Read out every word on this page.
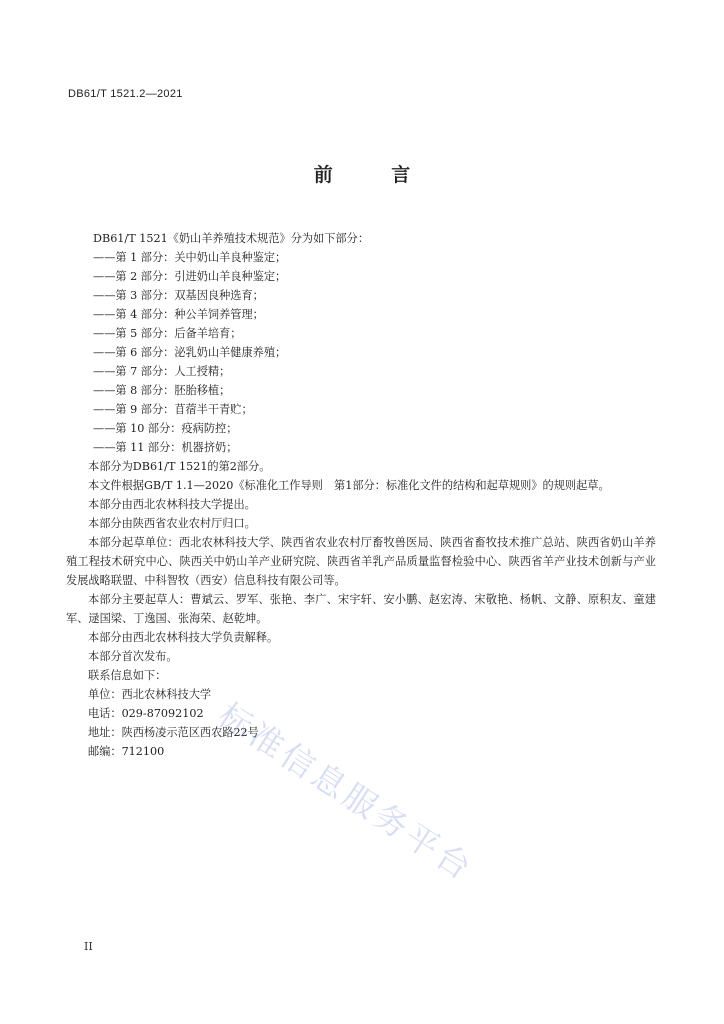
DB61/T 1521.2—2021
前 言
DB61/T 1521《奶山羊养殖技术规范》分为如下部分：
——第 1 部分：关中奶山羊良种鉴定；
——第 2 部分：引进奶山羊良种鉴定；
——第 3 部分：双基因良种选育；
——第 4 部分：种公羊饲养管理；
——第 5 部分：后备羊培育；
——第 6 部分：泌乳奶山羊健康养殖；
——第 7 部分：人工授精；
——第 8 部分：胚胎移植；
——第 9 部分：苜蓿半干青贮；
——第 10 部分：疫病防控；
——第 11 部分：机器挤奶；
本部分为DB61/T 1521的第2部分。
本文件根据GB/T 1.1—2020《标准化工作导则　第1部分：标准化文件的结构和起草规则》的规则起草。
本部分由西北农林科技大学提出。
本部分由陕西省农业农村厅归口。
本部分起草单位：西北农林科技大学、陕西省农业农村厅畜牧兽医局、陕西省畜牧技术推广总站、陕西省奶山羊养殖工程技术研究中心、陕西关中奶山羊产业研究院、陕西省羊乳产品质量监督检验中心、陕西省羊产业技术创新与产业发展战略联盟、中科智牧（西安）信息科技有限公司等。
本部分主要起草人：曹斌云、罗军、张艳、李广、宋宇轩、安小鹏、赵宏涛、宋敬艳、杨帆、文静、原积友、童建军、逯国梁、丁逸国、张海荣、赵乾坤。
本部分由西北农林科技大学负责解释。
本部分首次发布。
联系信息如下：
单位：西北农林科技大学
电话：029-87092102
地址：陕西杨凌示范区西农路22号
邮编：712100	标准信息服务平台
II
